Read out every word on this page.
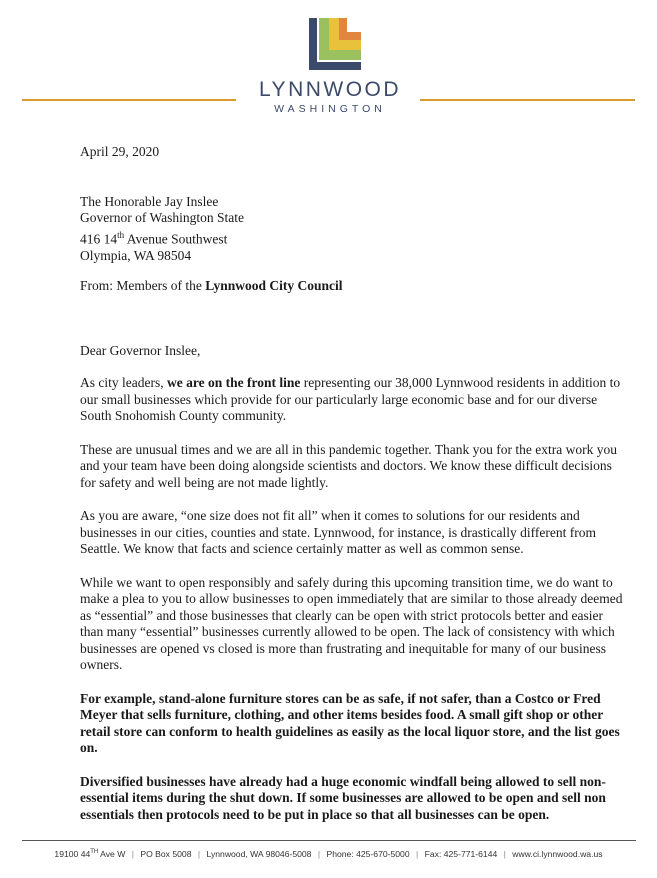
LYNNWOOD
WASHINGTON

April 29, 2020

The Honorable Jay Inslee

Governor of Washington State

416 14th Avenue Southwest

Olympia, WA 98504

From: Members of the Lynnwood City Council

Dear Governor Inslee,

As city leaders, we are on the front line representing our 38,000 Lynnwood residents in addition to our small businesses which provide for our particularly large economic base and for our diverse South Snohomish County community.

These are unusual times and we are all in this pandemic together. Thank you for the extra work you and your team have been doing alongside scientists and doctors. We know these difficult decisions for safety and well being are not made lightly.

As you are aware, “one size does not fit all” when it comes to solutions for our residents and businesses in our cities, counties and state. Lynnwood, for instance, is drastically different from Seattle. We know that facts and science certainly matter as well as common sense.

While we want to open responsibly and safely during this upcoming transition time, we do want to make a plea to you to allow businesses to open immediately that are similar to those already deemed as “essential” and those businesses that clearly can be open with strict protocols better and easier than many “essential” businesses currently allowed to be open. The lack of consistency with which businesses are opened vs closed is more than frustrating and inequitable for many of our business owners.

For example, stand-alone furniture stores can be as safe, if not safer, than a Costco or Fred Meyer that sells furniture, clothing, and other items besides food. A small gift shop or other retail store can conform to health guidelines as easily as the local liquor store, and the list goes on.

Diversified businesses have already had a huge economic windfall being allowed to sell non-essential items during the shut down. If some businesses are allowed to be open and sell non essentials then protocols need to be put in place so that all businesses can be open.

19100 44TH Ave W | PO Box 5008 | Lynnwood, WA 98046-5008 | Phone: 425-670-5000 | Fax: 425-771-6144 | www.ci.lynnwood.wa.us
